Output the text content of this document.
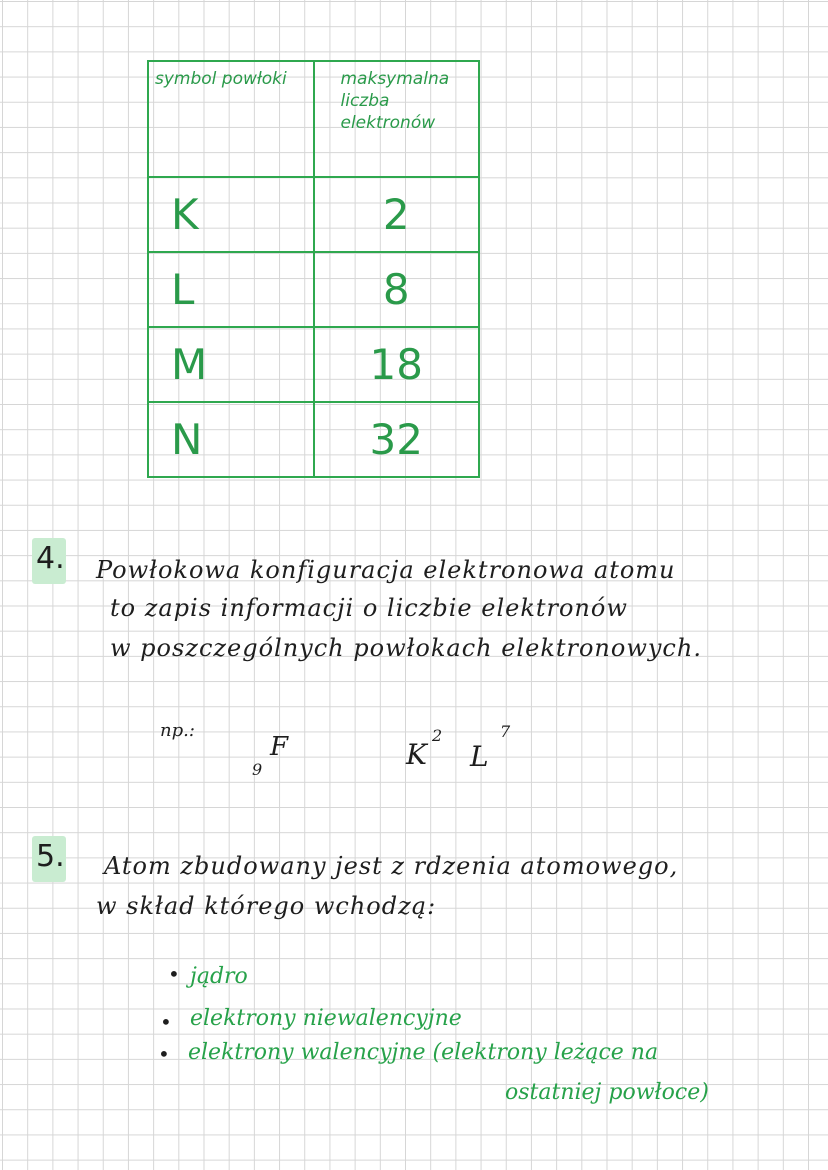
symbol powłoki	maksymalna liczba elektronów
K	2
L	8
M	18
N	32
4. Powłokowa konfiguracja elektronowa atomu
to zapis informacji o liczbie elektronów
w poszczególnych powłokach elektronowych.
np.:
9
F	K
2
L
7
5. Atom zbudowany jest z rdzenia atomowego,
w skład którego wchodzą:
• jądro
• elektrony niewalencyjne
• elektrony walencyjne (elektrony leżące na
ostatniej powłoce)
